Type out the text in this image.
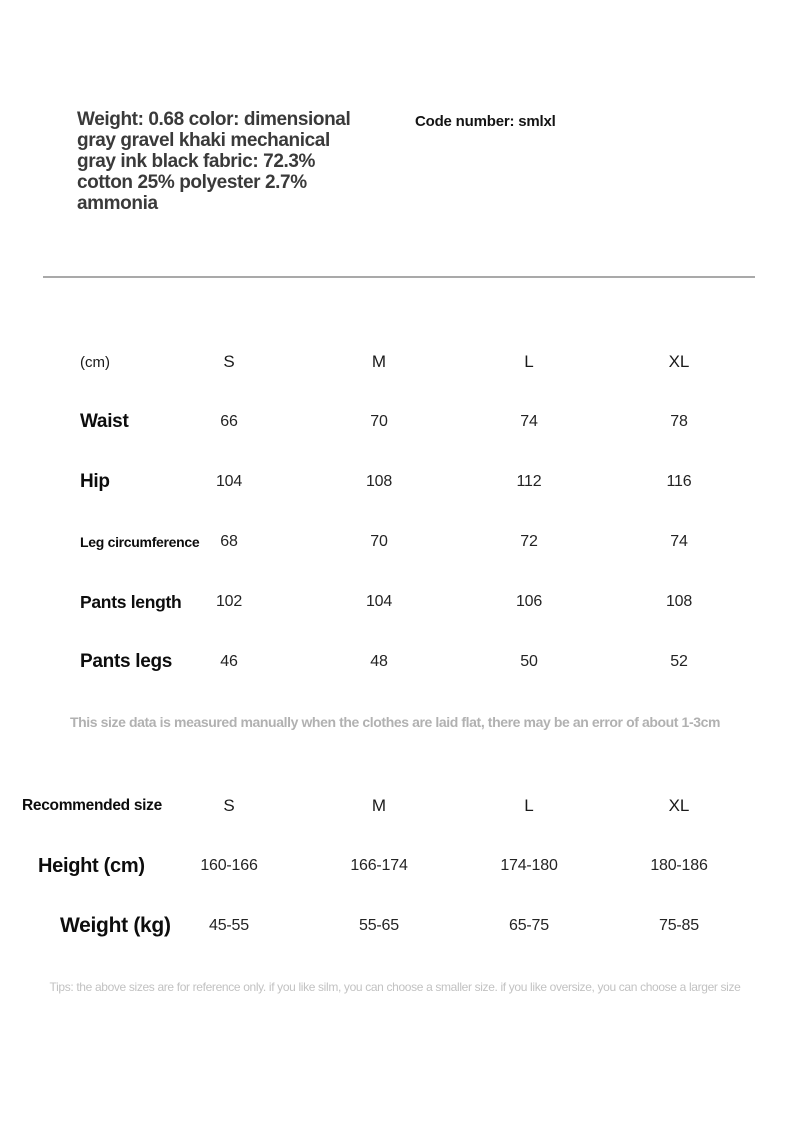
Weight: 0.68 color: dimensional
gray gravel khaki mechanical
gray ink black fabric: 72.3%
cotton 25% polyester 2.7%
ammonia
Code number: smlxl
(cm)	S	M	L	XL
Waist	66	70	74	78
Hip	104	108	112	116
Leg circumference	68	70	72	74
Pants length	102	104	106	108
Pants legs	46	48	50	52
This size data is measured manually when the clothes are laid flat, there may be an error of about 1-3cm
Recommended size	S	M	L	XL
Height (cm)	160-166	166-174	174-180	180-186
Weight (kg)	45-55	55-65	65-75	75-85
Tips: the above sizes are for reference only. if you like silm, you can choose a smaller size. if you like oversize, you can choose a larger size
